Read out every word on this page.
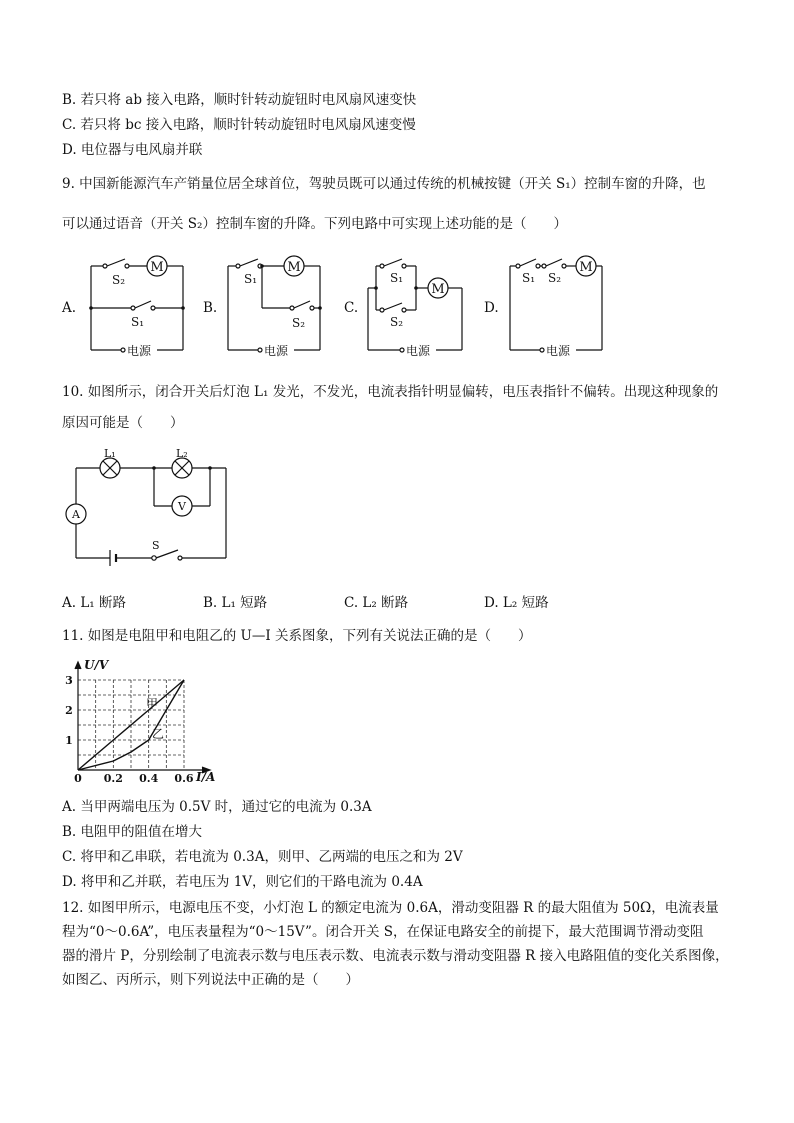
B. 若只将 ab 接入电路，顺时针转动旋钮时电风扇风速变快
C. 若只将 bc 接入电路，顺时针转动旋钮时电风扇风速变慢
D. 电位器与电风扇并联
9. 中国新能源汽车产销量位居全球首位，驾驶员既可以通过传统的机械按键（开关 S₁）控制车窗的升降，也
可以通过语音（开关 S₂）控制车窗的升降。下列电路中可实现上述功能的是（　　）
A.	B.	C.	D.
M
S₂
S₁
电源
M
S₁
S₂
电源
M
S₁
S₂
电源
M
S₁ S₂
电源
10. 如图所示，闭合开关后灯泡 L₁ 发光，不发光，电流表指针明显偏转，电压表指针不偏转。出现这种现象的
原因可能是（　　）
L₁	L₂
A
V
S
A. L₁ 断路	B. L₁ 短路	C. L₂ 断路	D. L₂ 短路
11. 如图是电阻甲和电阻乙的 U—I 关系图象，下列有关说法正确的是（　　）
0 0.2 0.4 0.6
1
2
3
U/V
I/A
甲
乙
A. 当甲两端电压为 0.5V 时，通过它的电流为 0.3A
B. 电阻甲的阻值在增大
C. 将甲和乙串联，若电流为 0.3A，则甲、乙两端的电压之和为 2V
D. 将甲和乙并联，若电压为 1V，则它们的干路电流为 0.4A
12. 如图甲所示，电源电压不变，小灯泡 L 的额定电流为 0.6A，滑动变阻器 R 的最大阻值为 50Ω，电流表量
程为“0～0.6A”，电压表量程为“0～15V”。闭合开关 S，在保证电路安全的前提下，最大范围调节滑动变阻
器的滑片 P，分别绘制了电流表示数与电压表示数、电流表示数与滑动变阻器 R 接入电路阻值的变化关系图像，
如图乙、丙所示，则下列说法中正确的是（　　）
